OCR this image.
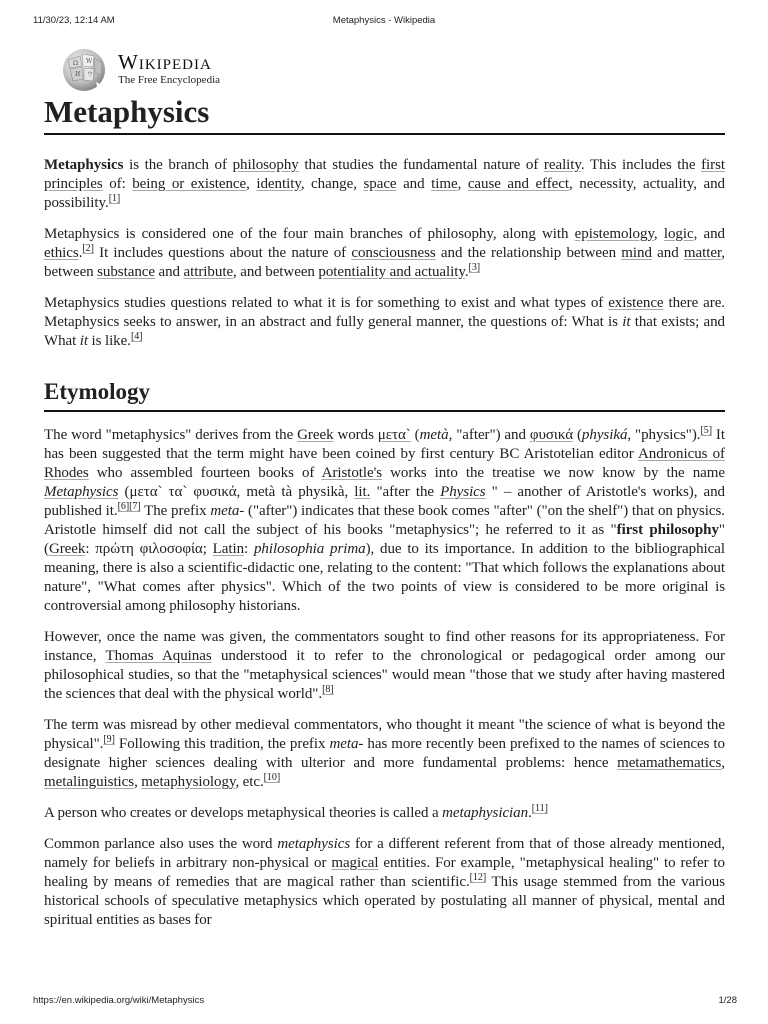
11/30/23, 12:14 AM	Metaphysics - Wikipedia
Ω W
И ウ
Wikipedia
The Free Encyclopedia
Metaphysics

Metaphysics is the branch of philosophy that studies the fundamental nature of reality. This includes the first principles of: being or existence, identity, change, space and time, cause and effect, necessity, actuality, and possibility.[1]

Metaphysics is considered one of the four main branches of philosophy, along with epistemology, logic, and ethics.[2] It includes questions about the nature of consciousness and the relationship between mind and matter, between substance and attribute, and between potentiality and actuality.[3]

Metaphysics studies questions related to what it is for something to exist and what types of existence there are. Metaphysics seeks to answer, in an abstract and fully general manner, the questions of: What is it that exists; and What it is like.[4]

Etymology

The word "metaphysics" derives from the Greek words μετα` (metà, "after") and φυσικά (physiká, "physics").[5] It has been suggested that the term might have been coined by first century BC Aristotelian editor Andronicus of Rhodes who assembled fourteen books of Aristotle's works into the treatise we now know by the name Metaphysics (μετα` τα` φυσικά, metà tà physikà, lit. "after the Physics " – another of Aristotle's works), and published it.[6][7] The prefix meta- ("after") indicates that these book comes "after" ("on the shelf") that on physics. Aristotle himself did not call the subject of his books "metaphysics"; he referred to it as "first philosophy" (Greek: πρώτη φιλοσοφία; Latin: philosophia prima), due to its importance. In addition to the bibliographical meaning, there is also a scientific-didactic one, relating to the content: "That which follows the explanations about nature", "What comes after physics". Which of the two points of view is considered to be more original is controversial among philosophy historians.

However, once the name was given, the commentators sought to find other reasons for its appropriateness. For instance, Thomas Aquinas understood it to refer to the chronological or pedagogical order among our philosophical studies, so that the "metaphysical sciences" would mean "those that we study after having mastered the sciences that deal with the physical world".[8]

The term was misread by other medieval commentators, who thought it meant "the science of what is beyond the physical".[9] Following this tradition, the prefix meta- has more recently been prefixed to the names of sciences to designate higher sciences dealing with ulterior and more fundamental problems: hence metamathematics, metalinguistics, metaphysiology, etc.[10]

A person who creates or develops metaphysical theories is called a metaphysician.[11]

Common parlance also uses the word metaphysics for a different referent from that of those already mentioned, namely for beliefs in arbitrary non-physical or magical entities. For example, "metaphysical healing" to refer to healing by means of remedies that are magical rather than scientific.[12] This usage stemmed from the various historical schools of speculative metaphysics which operated by postulating all manner of physical, mental and spiritual entities as bases for

https://en.wikipedia.org/wiki/Metaphysics	1/28
